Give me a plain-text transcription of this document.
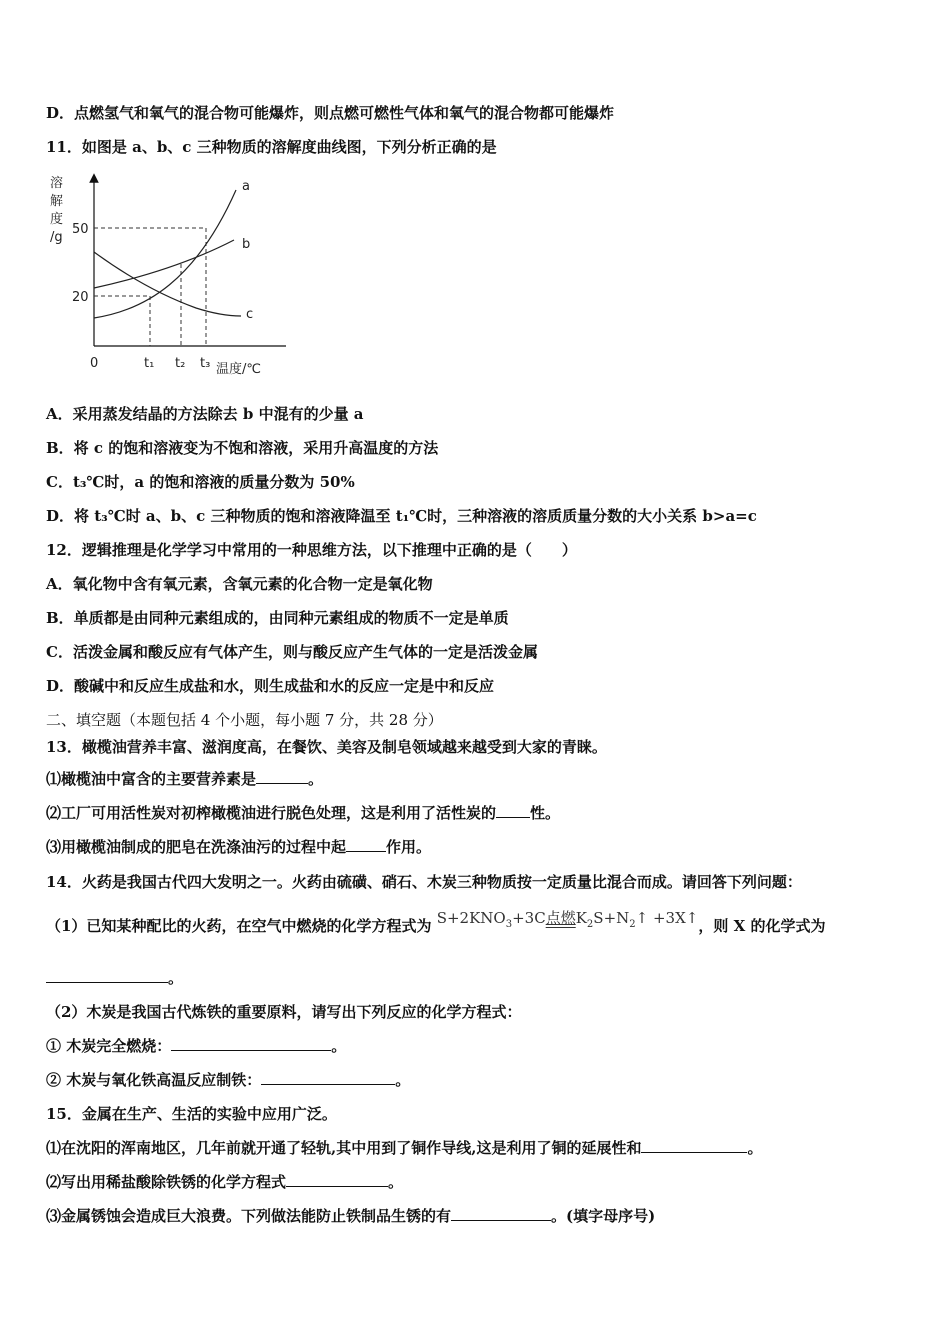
D．点燃氢气和氧气的混合物可能爆炸，则点燃可燃性气体和氧气的混合物都可能爆炸
11．如图是 a、b、c 三种物质的溶解度曲线图，下列分析正确的是
溶
解
度
/g
50
20
0	t₁ t₂ t₃ 温度/℃
a
b
c
A．采用蒸发结晶的方法除去 b 中混有的少量 a
B．将 c 的饱和溶液变为不饱和溶液，采用升高温度的方法
C．t₃℃时，a 的饱和溶液的质量分数为 50%
D．将 t₃℃时 a、b、c 三种物质的饱和溶液降温至 t₁℃时，三种溶液的溶质质量分数的大小关系 b>a=c
12．逻辑推理是化学学习中常用的一种思维方法，以下推理中正确的是（　　）
A．氧化物中含有氧元素，含氧元素的化合物一定是氧化物
B．单质都是由同种元素组成的，由同种元素组成的物质不一定是单质
C．活泼金属和酸反应有气体产生，则与酸反应产生气体的一定是活泼金属
D．酸碱中和反应生成盐和水，则生成盐和水的反应一定是中和反应
二、填空题（本题包括 4 个小题，每小题 7 分，共 28 分）
13．橄榄油营养丰富、滋润度高，在餐饮、美容及制皂领域越来越受到大家的青睐。
⑴橄榄油中富含的主要营养素是	。
⑵工厂可用活性炭对初榨橄榄油进行脱色处理，这是利用了活性炭的 性。
⑶用橄榄油制成的肥皂在洗涤油污的过程中起	作用。
14．火药是我国古代四大发明之一。火药由硫磺、硝石、木炭三种物质按一定质量比混合而成。请回答下列问题：
（1）已知某种配比的火药，在空气中燃烧的化学方程式为 $S+2KNO_3+3C$点燃$K_2S+N_2↑$ +3X↑，则 X 的化学式为
。
（2）木炭是我国古代炼铁的重要原料，请写出下列反应的化学方程式：
① 木炭完全燃烧：	。
② 木炭与氧化铁高温反应制铁：	。
15．金属在生产、生活的实验中应用广泛。
⑴在沈阳的浑南地区，几年前就开通了轻轨,其中用到了铜作导线,这是利用了铜的延展性和	。
⑵写出用稀盐酸除铁锈的化学方程式	。
⑶金属锈蚀会造成巨大浪费。下列做法能防止铁制品生锈的有	。(填字母序号)
